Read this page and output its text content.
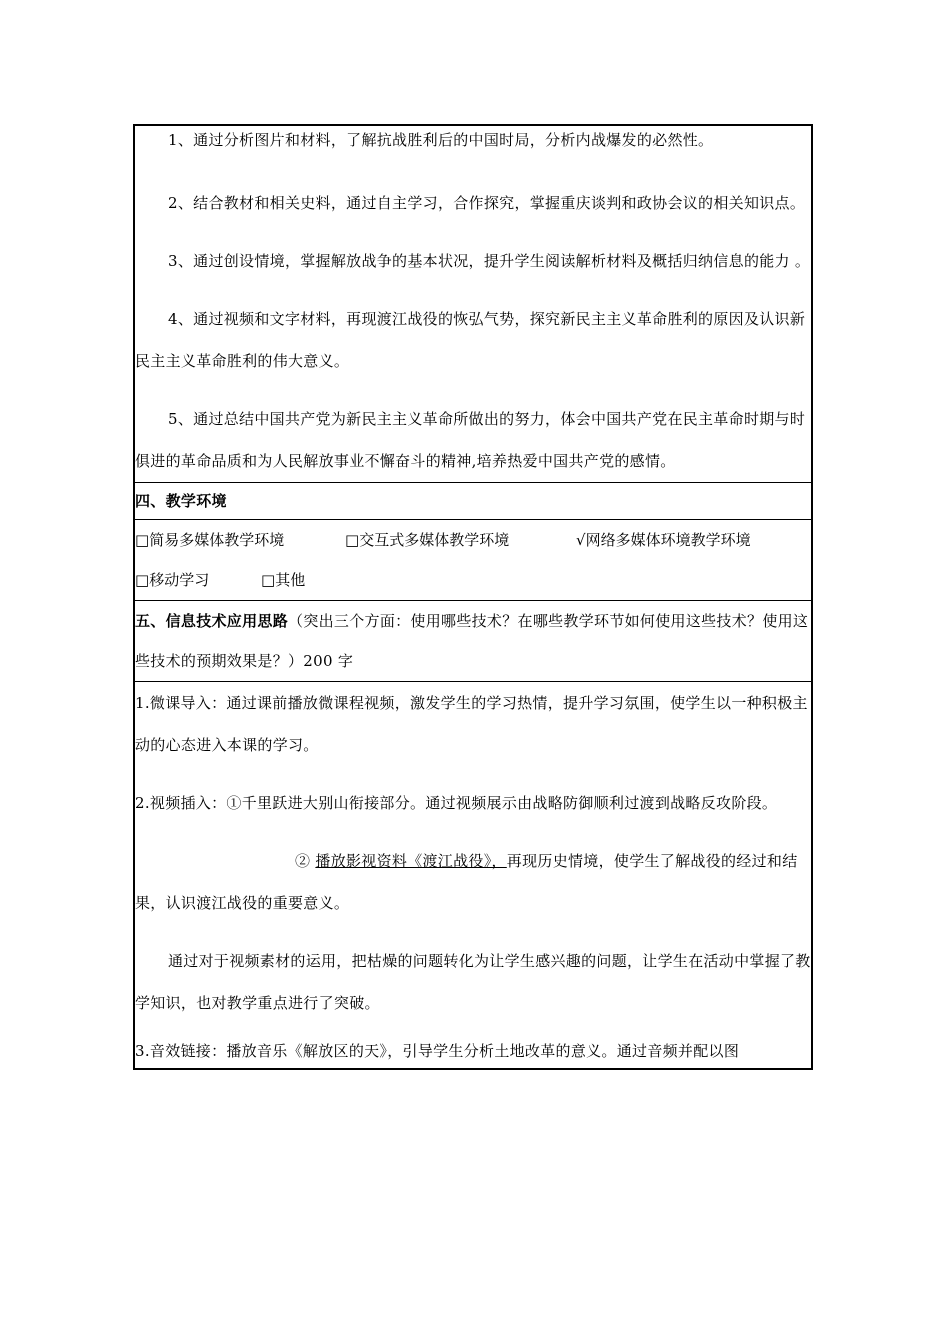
1、通过分析图片和材料，了解抗战胜利后的中国时局，分析内战爆发的必然性。

2、结合教材和相关史料，通过自主学习，合作探究，掌握重庆谈判和政协会议的相关知识点。

3、通过创设情境，掌握解放战争的基本状况，提升学生阅读解析材料及概括归纳信息的能力 。

4、通过视频和文字材料，再现渡江战役的恢弘气势，探究新民主主义革命胜利的原因及认识新民主主义革命胜利的伟大意义。

5、通过总结中国共产党为新民主主义革命所做出的努力，体会中国共产党在民主革命时期与时俱进的革命品质和为人民解放事业不懈奋斗的精神,培养热爱中国共产党的感情。

四、教学环境

□简易多媒体教学环境	□交互式多媒体教学环境	√网络多媒体环境教学环境
□移动学习	□其他

五、信息技术应用思路（突出三个方面：使用哪些技术？在哪些教学环节如何使用这些技术？使用这些技术的预期效果是？）200 字

1.微课导入：通过课前播放微课程视频，激发学生的学习热情，提升学习氛围，使学生以一种积极主动的心态进入本课的学习。

2.视频插入：①千里跃进大别山衔接部分。通过视频展示由战略防御顺利过渡到战略反攻阶段。

② 播放影视资料《渡江战役》，再现历史情境，使学生了解战役的经过和结果，认识渡江战役的重要意义。

通过对于视频素材的运用，把枯燥的问题转化为让学生感兴趣的问题，让学生在活动中掌握了教学知识，也对教学重点进行了突破。

3.音效链接：播放音乐《解放区的天》，引导学生分析土地改革的意义。通过音频并配以图
